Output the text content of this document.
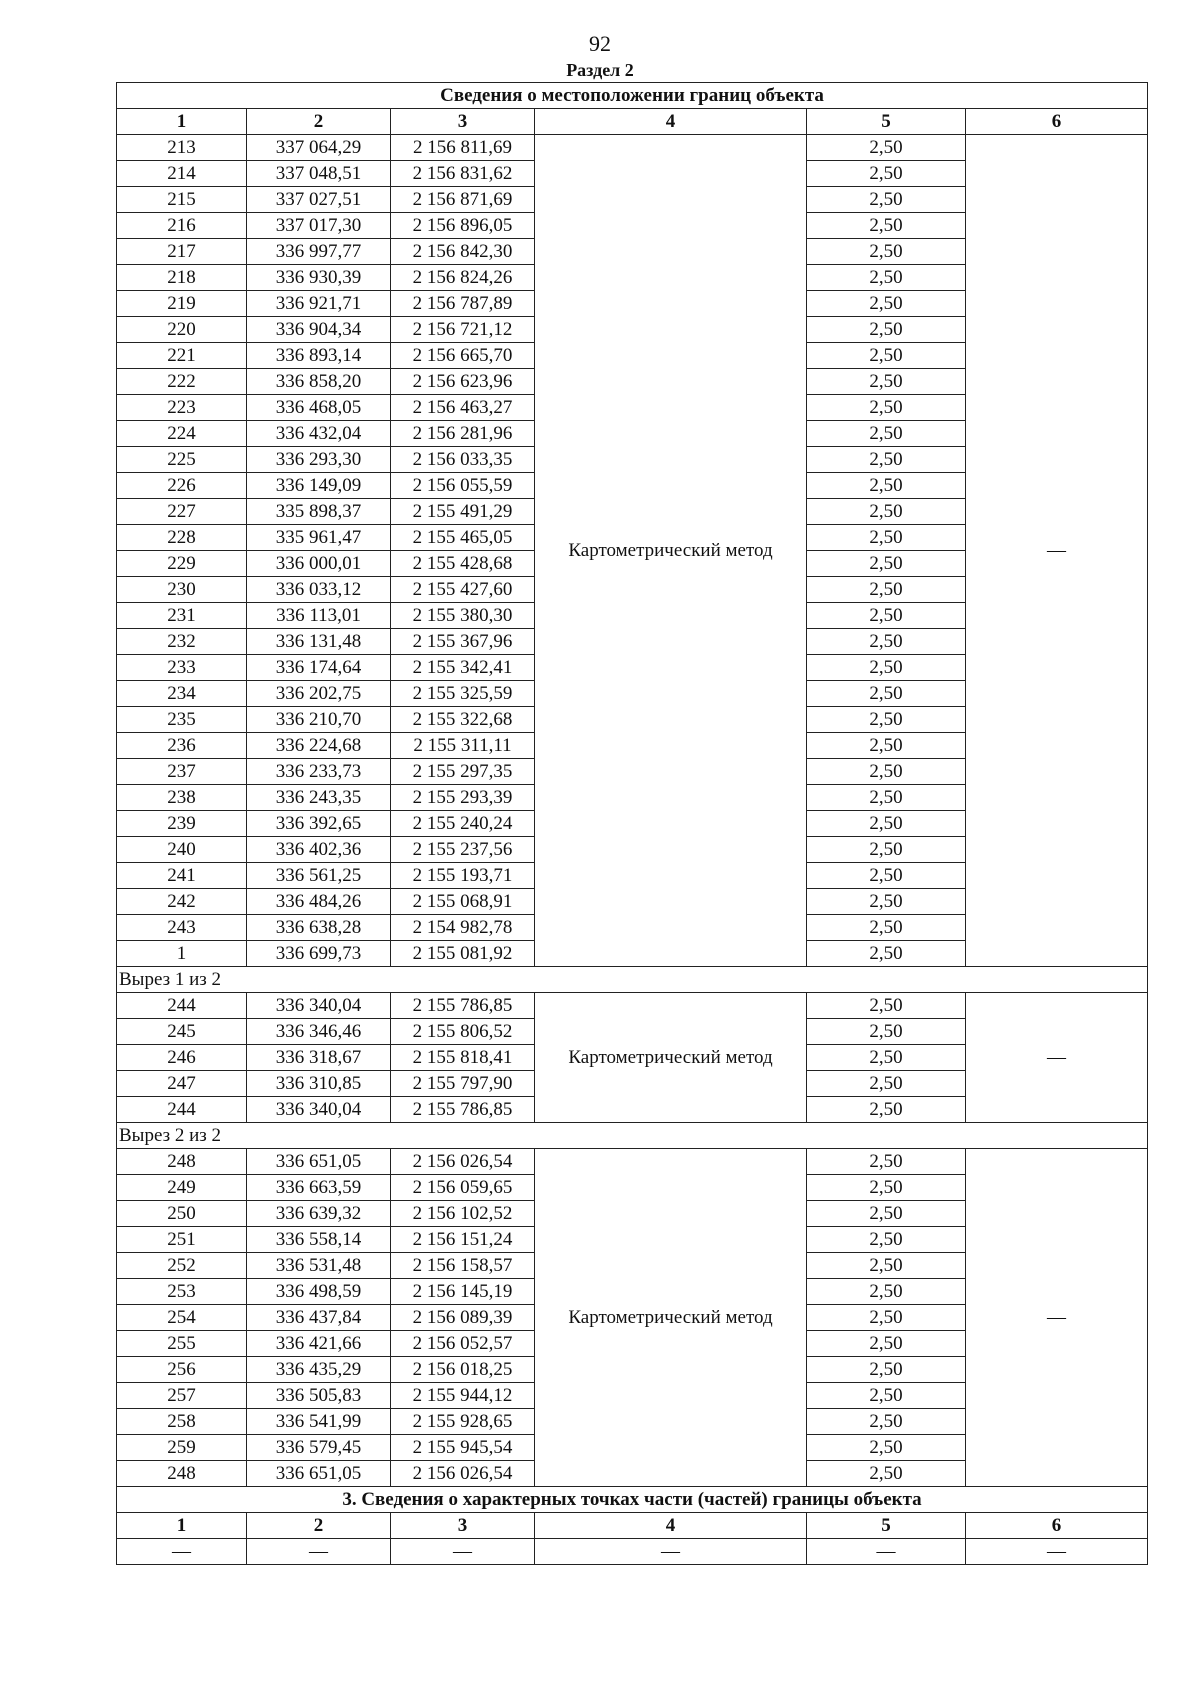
92
Раздел 2
Сведения о местоположении границ объекта					
1	2	3	4	5	6
213	337 064,29	2 156 811,69	Картометрический метод	2,50	—
214	337 048,51	2 156 831,62		2,50	
215	337 027,51	2 156 871,69		2,50	
216	337 017,30	2 156 896,05		2,50	
217	336 997,77	2 156 842,30		2,50	
218	336 930,39	2 156 824,26		2,50	
219	336 921,71	2 156 787,89		2,50	
220	336 904,34	2 156 721,12		2,50	
221	336 893,14	2 156 665,70		2,50	
222	336 858,20	2 156 623,96		2,50	
223	336 468,05	2 156 463,27		2,50	
224	336 432,04	2 156 281,96		2,50	
225	336 293,30	2 156 033,35		2,50	
226	336 149,09	2 156 055,59		2,50	
227	335 898,37	2 155 491,29		2,50	
228	335 961,47	2 155 465,05		2,50	
229	336 000,01	2 155 428,68		2,50	
230	336 033,12	2 155 427,60		2,50	
231	336 113,01	2 155 380,30		2,50	
232	336 131,48	2 155 367,96		2,50	
233	336 174,64	2 155 342,41		2,50	
234	336 202,75	2 155 325,59		2,50	
235	336 210,70	2 155 322,68		2,50	
236	336 224,68	2 155 311,11		2,50	
237	336 233,73	2 155 297,35		2,50	
238	336 243,35	2 155 293,39		2,50	
239	336 392,65	2 155 240,24		2,50	
240	336 402,36	2 155 237,56		2,50	
241	336 561,25	2 155 193,71		2,50	
242	336 484,26	2 155 068,91		2,50	
243	336 638,28	2 154 982,78		2,50	
1	336 699,73	2 155 081,92		2,50	
Вырез 1 из 2					
244	336 340,04	2 155 786,85	Картометрический метод	2,50	—
245	336 346,46	2 155 806,52		2,50	
246	336 318,67	2 155 818,41		2,50	
247	336 310,85	2 155 797,90		2,50	
244	336 340,04	2 155 786,85		2,50	
Вырез 2 из 2					
248	336 651,05	2 156 026,54	Картометрический метод	2,50	—
249	336 663,59	2 156 059,65		2,50	
250	336 639,32	2 156 102,52		2,50	
251	336 558,14	2 156 151,24		2,50	
252	336 531,48	2 156 158,57		2,50	
253	336 498,59	2 156 145,19		2,50	
254	336 437,84	2 156 089,39		2,50	
255	336 421,66	2 156 052,57		2,50	
256	336 435,29	2 156 018,25		2,50	
257	336 505,83	2 155 944,12		2,50	
258	336 541,99	2 155 928,65		2,50	
259	336 579,45	2 155 945,54		2,50	
248	336 651,05	2 156 026,54		2,50	
3. Сведения о характерных точках части (частей) границы объекта					
1	2	3	4	5	6
—	—	—	—	—	—
